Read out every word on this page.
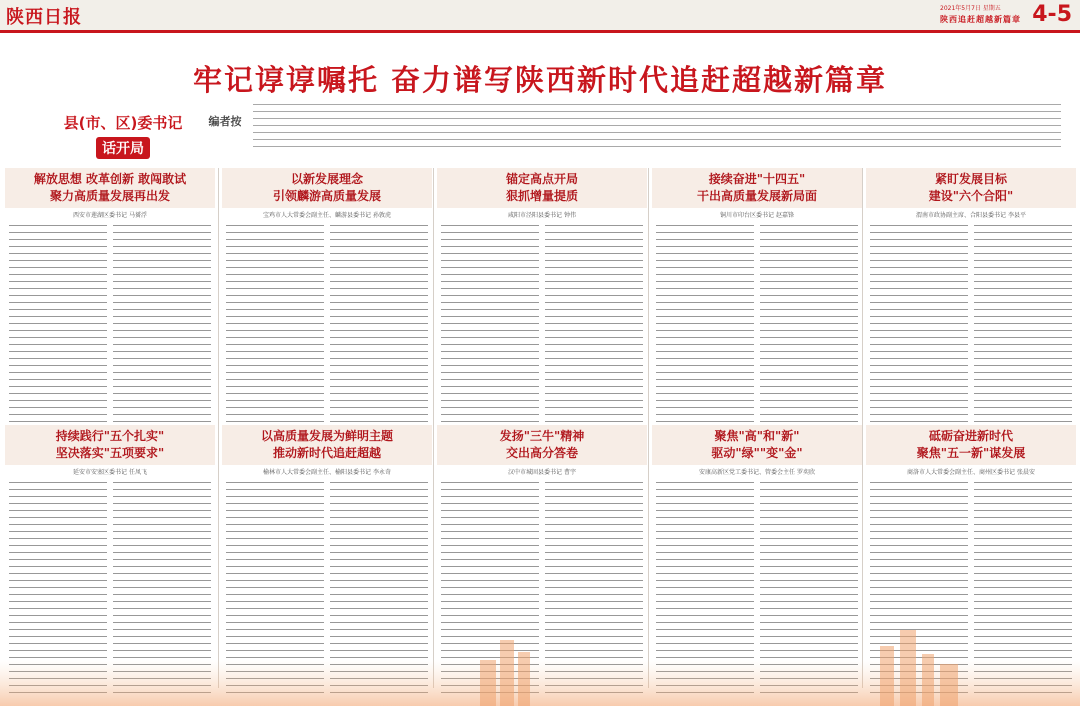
陕西日报	2021年5月7日 星期五
陕西追赶超越新篇章 4-5
牢记谆谆嘱托 奋力谱写陕西新时代追赶超越新篇章
县(市、区)委书记
话开局
编者按
解放思想 改革创新 敢闯敢试
聚力高质量发展再出发
西安市莲湖区委书记 马赟浮
以新发展理念
引领麟游高质量发展
宝鸡市人大常委会副主任、麟游县委书记 孙敦虎
锚定高点开局
狠抓增量提质
咸阳市泾阳县委书记 钟伟
接续奋进"十四五"
干出高质量发展新局面
铜川市印台区委书记 赵嘉锋
紧盯发展目标
建设"六个合阳"
渭南市政协副主席、合阳县委书记 李县平
持续践行"五个扎实"
坚决落实"五项要求"
延安市安塞区委书记 任凤飞
以高质量发展为鲜明主题
推动新时代追赶超越
榆林市人大常委会副主任、榆阳县委书记 李永奇
发扬"三牛"精神
交出高分答卷
汉中市城固县委书记 曹宇
聚焦"高"和"新"
驱动"绿""变"金"
安康高新区党工委书记、管委会主任 罗奕欣
砥砺奋进新时代
聚焦"五一新"谋发展
商洛市人大常委会副主任、商州区委书记 张晨安
